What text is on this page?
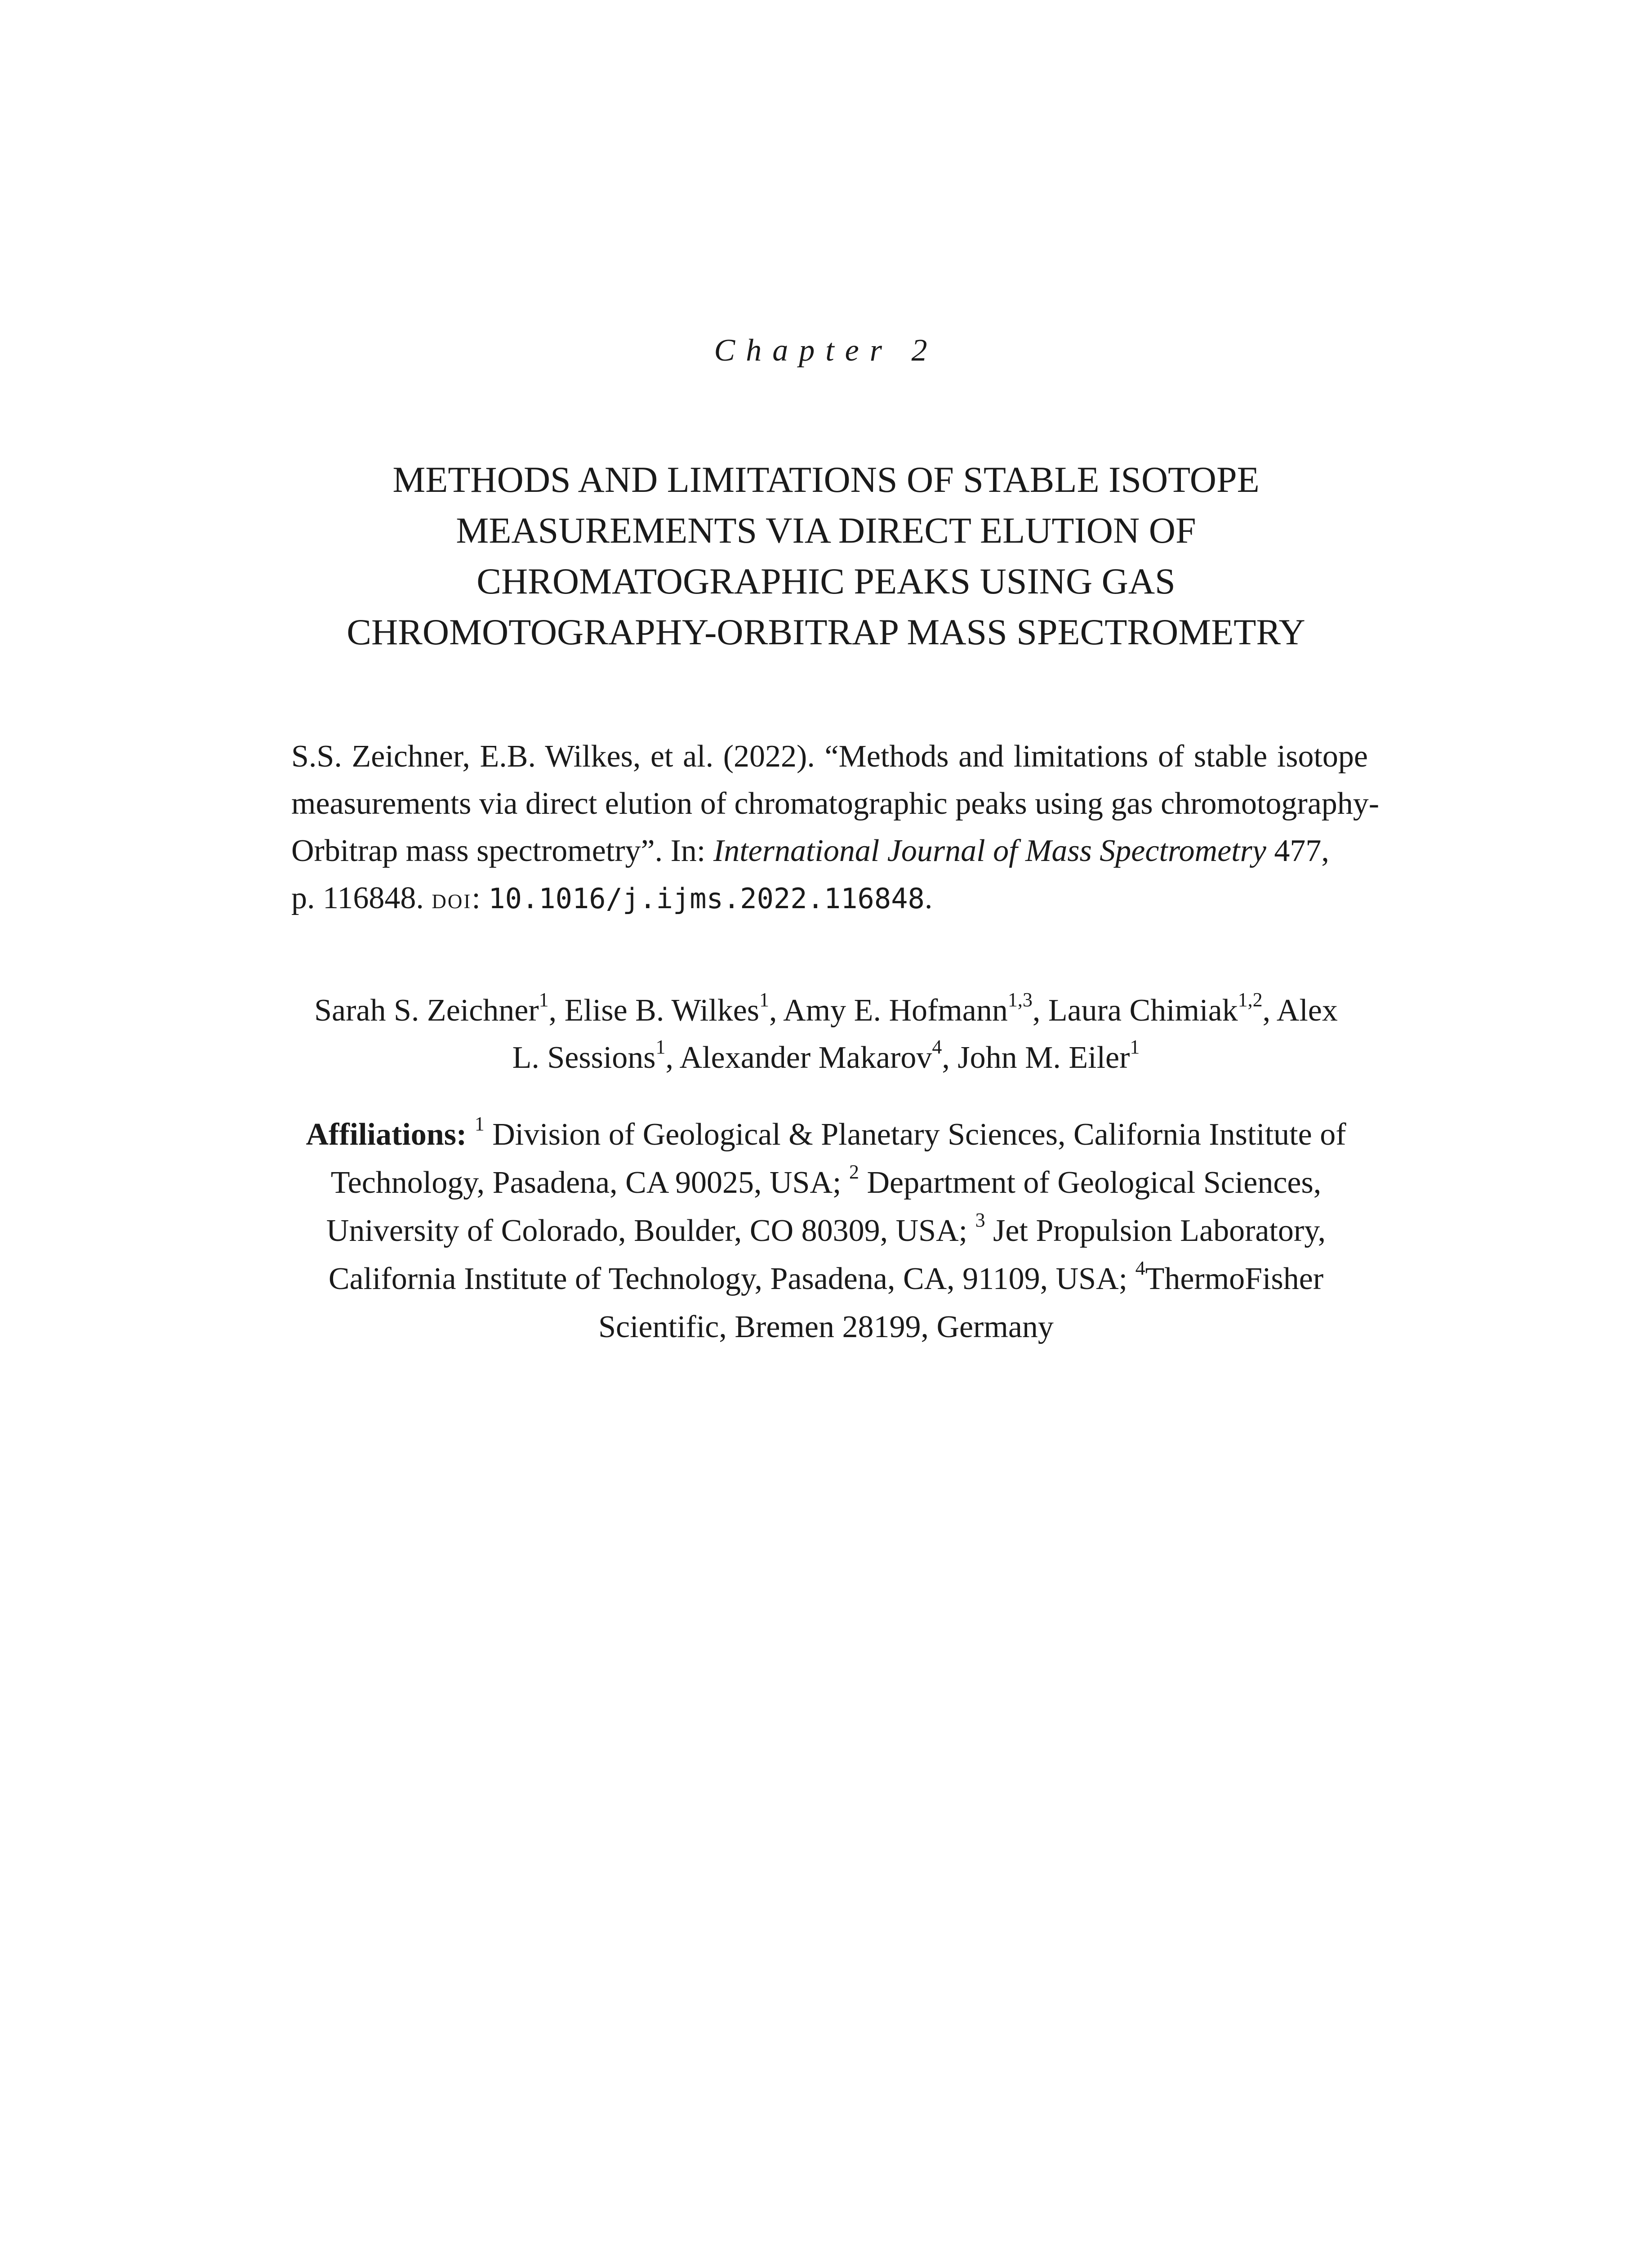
Chapter 2
METHODS AND LIMITATIONS OF STABLE ISOTOPE
MEASUREMENTS VIA DIRECT ELUTION OF
CHROMATOGRAPHIC PEAKS USING GAS
CHROMOTOGRAPHY-ORBITRAP MASS SPECTROMETRY
S.S. Zeichner, E.B. Wilkes, et al. (2022). “Methods and limitations of stable isotope
measurements via direct elution of chromatographic peaks using gas chromotography-
Orbitrap mass spectrometry”. In: International Journal of Mass Spectrometry 477,
p. 116848. doi: 10.1016/j.ijms.2022.116848.
Sarah S. Zeichner$^1$, Elise B. Wilkes$^1$, Amy E. Hofmann$^{1,3}$, Laura Chimiak$^{1,2}$, Alex
L. Sessions$^1$, Alexander Makarov$^4$, John M. Eiler$^1$
Affiliations: $^1$ Division of Geological & Planetary Sciences, California Institute of
Technology, Pasadena, CA 90025, USA; $^2$ Department of Geological Sciences,
University of Colorado, Boulder, CO 80309, USA; $^3$ Jet Propulsion Laboratory,
California Institute of Technology, Pasadena, CA, 91109, USA; $^4$ThermoFisher
Scientific, Bremen 28199, Germany
